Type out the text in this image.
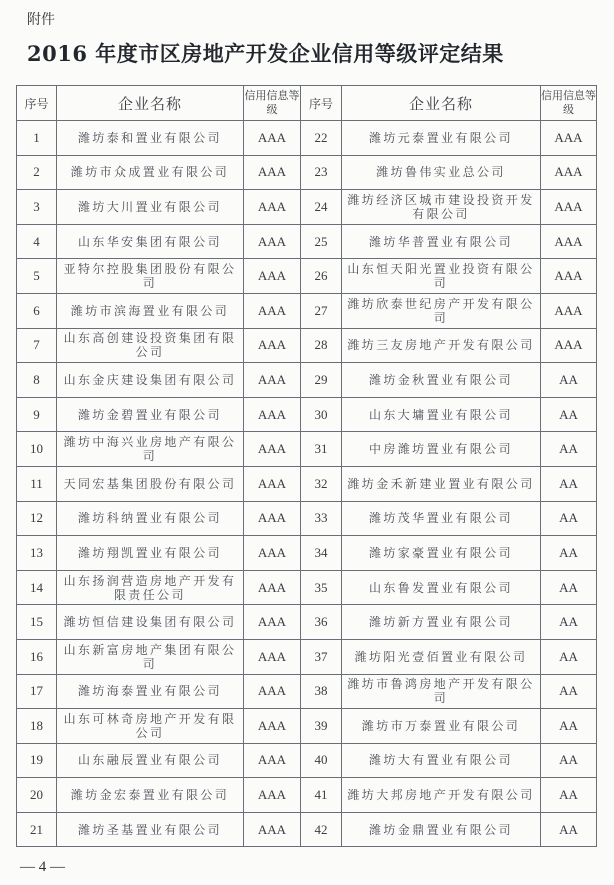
附件
2016 年度市区房地产开发企业信用等级评定结果
序号	企业名称	信用信息等级	序号	企业名称	信用信息等级
1	潍坊泰和置业有限公司	AAA	22	潍坊元泰置业有限公司	AAA
2	潍坊市众成置业有限公司	AAA	23	潍坊鲁伟实业总公司	AAA
3	潍坊大川置业有限公司	AAA	24	潍坊经济区城市建设投资开发有限公司	AAA
4	山东华安集团有限公司	AAA	25	潍坊华普置业有限公司	AAA
5	亚特尔控股集团股份有限公司	AAA	26	山东恒天阳光置业投资有限公司	AAA
6	潍坊市滨海置业有限公司	AAA	27	潍坊欣泰世纪房产开发有限公司	AAA
7	山东高创建设投资集团有限公司	AAA	28	潍坊三友房地产开发有限公司	AAA
8	山东金庆建设集团有限公司	AAA	29	潍坊金秋置业有限公司	AA
9	潍坊金碧置业有限公司	AAA	30	山东大墉置业有限公司	AA
10	潍坊中海兴业房地产有限公司	AAA	31	中房潍坊置业有限公司	AA
11	天同宏基集团股份有限公司	AAA	32	潍坊金禾新建业置业有限公司	AA
12	潍坊科纳置业有限公司	AAA	33	潍坊茂华置业有限公司	AA
13	潍坊翔凯置业有限公司	AAA	34	潍坊家豪置业有限公司	AA
14	山东扬润营造房地产开发有限责任公司	AAA	35	山东鲁发置业有限公司	AA
15	潍坊恒信建设集团有限公司	AAA	36	潍坊新方置业有限公司	AA
16	山东新富房地产集团有限公司	AAA	37	潍坊阳光壹佰置业有限公司	AA
17	潍坊海泰置业有限公司	AAA	38	潍坊市鲁鸿房地产开发有限公司	AA
18	山东可林奇房地产开发有限公司	AAA	39	潍坊市万泰置业有限公司	AA
19	山东融辰置业有限公司	AAA	40	潍坊大有置业有限公司	AA
20	潍坊金宏泰置业有限公司	AAA	41	潍坊大邦房地产开发有限公司	AA
21	潍坊圣基置业有限公司	AAA	42	潍坊金鼎置业有限公司	AA
— 4 —
